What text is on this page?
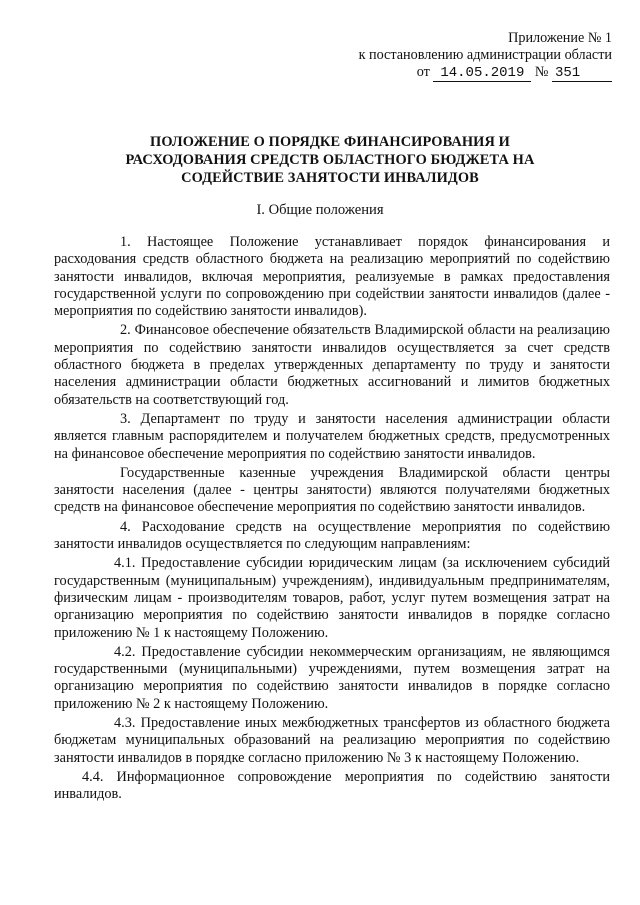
Приложение № 1
к постановлению администрации области
от 14.05.2019 № 351
ПОЛОЖЕНИЕ О ПОРЯДКЕ ФИНАНСИРОВАНИЯ И
РАСХОДОВАНИЯ СРЕДСТВ ОБЛАСТНОГО БЮДЖЕТА НА
СОДЕЙСТВИЕ ЗАНЯТОСТИ ИНВАЛИДОВ
I. Общие положения

1. Настоящее Положение устанавливает порядок финансирования и расходования средств областного бюджета на реализацию мероприятий по содействию занятости инвалидов, включая мероприятия, реализуемые в рамках предоставления государственной услуги по сопровождению при содействии занятости инвалидов (далее - мероприятия по содействию занятости инвалидов).

2. Финансовое обеспечение обязательств Владимирской области на реализацию мероприятия по содействию занятости инвалидов осуществляется за счет средств областного бюджета в пределах утвержденных департаменту по труду и занятости населения администрации области бюджетных ассигнований и лимитов бюджетных обязательств на соответствующий год.

3. Департамент по труду и занятости населения администрации области является главным распорядителем и получателем бюджетных средств, предусмотренных на финансовое обеспечение мероприятия по содействию занятости инвалидов.

Государственные казенные учреждения Владимирской области центры занятости населения (далее - центры занятости) являются получателями бюджетных средств на финансовое обеспечение мероприятия по содействию занятости инвалидов.

4. Расходование средств на осуществление мероприятия по содействию занятости инвалидов осуществляется по следующим направлениям:

4.1. Предоставление субсидии юридическим лицам (за исключением субсидий государственным (муниципальным) учреждениям), индивидуальным предпринимателям, физическим лицам - производителям товаров, работ, услуг путем возмещения затрат на организацию мероприятия по содействию занятости инвалидов в порядке согласно приложению № 1 к настоящему Положению.

4.2. Предоставление субсидии некоммерческим организациям, не являющимся государственными (муниципальными) учреждениями, путем возмещения затрат на организацию мероприятия по содействию занятости инвалидов в порядке согласно приложению № 2 к настоящему Положению.

4.3. Предоставление иных межбюджетных трансфертов из областного бюджета бюджетам муниципальных образований на реализацию мероприятия по содействию занятости инвалидов в порядке согласно приложению № 3 к настоящему Положению.

4.4. Информационное сопровождение мероприятия по содействию занятости инвалидов.
